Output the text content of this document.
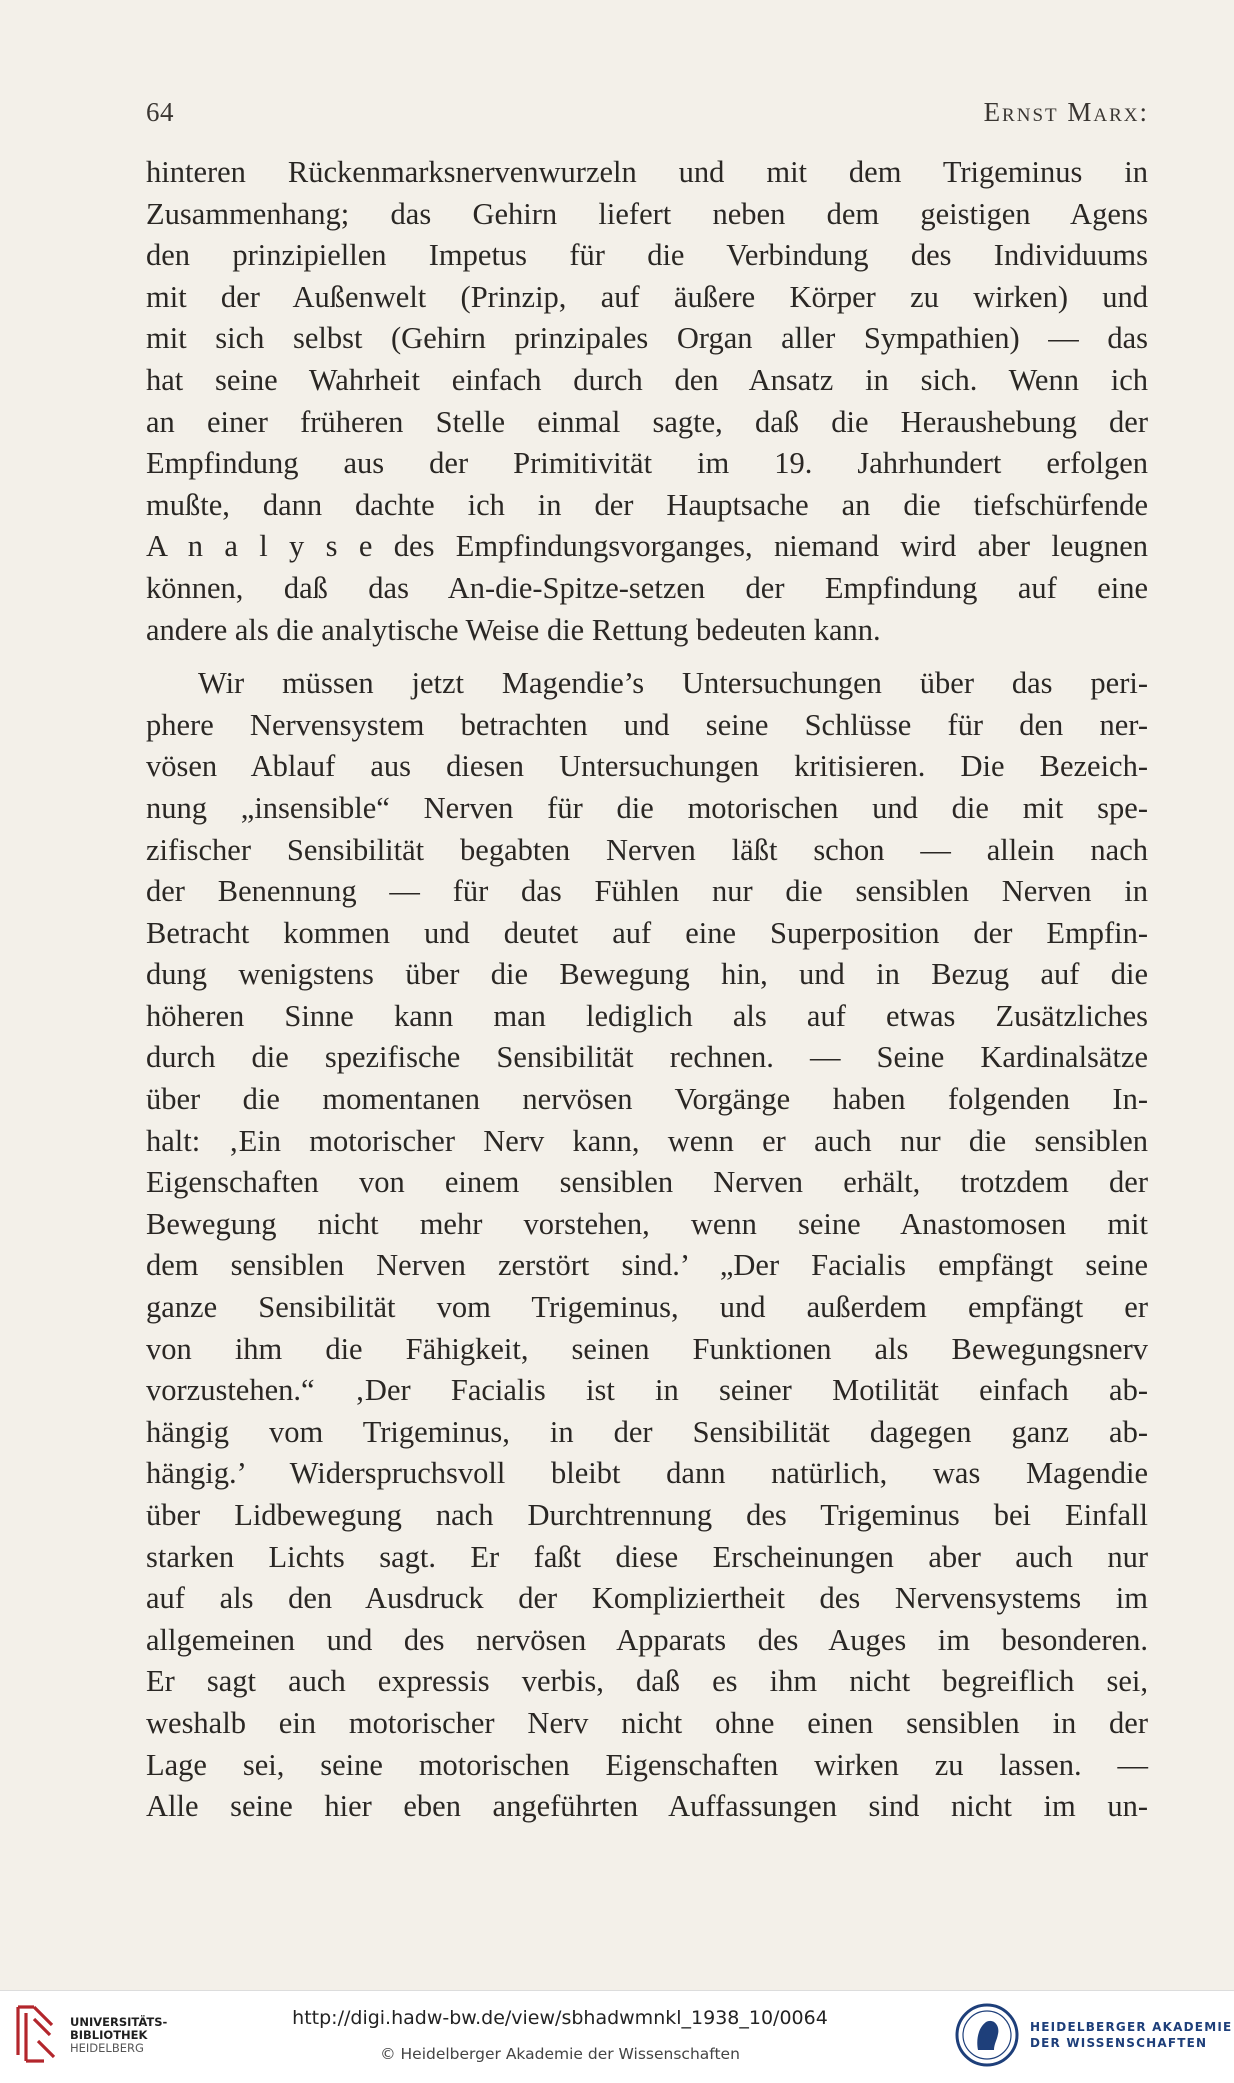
64	Ernst Marx:
hinteren Rückenmarksnervenwurzeln und mit dem Trigeminus in
Zusammenhang; das Gehirn liefert neben dem geistigen Agens
den prinzipiellen Impetus für die Verbindung des Individuums
mit der Außenwelt (Prinzip, auf äußere Körper zu wirken) und
mit sich selbst (Gehirn prinzipales Organ aller Sympathien) — das
hat seine Wahrheit einfach durch den Ansatz in sich. Wenn ich
an einer früheren Stelle einmal sagte, daß die Heraushebung der
Empfindung aus der Primitivität im 19. Jahrhundert erfolgen
mußte, dann dachte ich in der Hauptsache an die tiefschürfende
A n a l y s e des Empfindungsvorganges, niemand wird aber leugnen
können, daß das An-die-Spitze-setzen der Empfindung auf eine
andere als die analytische Weise die Rettung bedeuten kann.
Wir müssen jetzt Magendie’s Untersuchungen über das peri-
phere Nervensystem betrachten und seine Schlüsse für den ner-
vösen Ablauf aus diesen Untersuchungen kritisieren. Die Bezeich-
nung „insensible“ Nerven für die motorischen und die mit spe-
zifischer Sensibilität begabten Nerven läßt schon — allein nach
der Benennung — für das Fühlen nur die sensiblen Nerven in
Betracht kommen und deutet auf eine Superposition der Empfin-
dung wenigstens über die Bewegung hin, und in Bezug auf die
höheren Sinne kann man lediglich als auf etwas Zusätzliches
durch die spezifische Sensibilität rechnen. — Seine Kardinalsätze
über die momentanen nervösen Vorgänge haben folgenden In-
halt: ‚Ein motorischer Nerv kann, wenn er auch nur die sensiblen
Eigenschaften von einem sensiblen Nerven erhält, trotzdem der
Bewegung nicht mehr vorstehen, wenn seine Anastomosen mit
dem sensiblen Nerven zerstört sind.’ „Der Facialis empfängt seine
ganze Sensibilität vom Trigeminus, und außerdem empfängt er
von ihm die Fähigkeit, seinen Funktionen als Bewegungsnerv
vorzustehen.“ ‚Der Facialis ist in seiner Motilität einfach ab-
hängig vom Trigeminus, in der Sensibilität dagegen ganz ab-
hängig.’ Widerspruchsvoll bleibt dann natürlich, was Magendie
über Lidbewegung nach Durchtrennung des Trigeminus bei Einfall
starken Lichts sagt. Er faßt diese Erscheinungen aber auch nur
auf als den Ausdruck der Kompliziertheit des Nervensystems im
allgemeinen und des nervösen Apparats des Auges im besonderen.
Er sagt auch expressis verbis, daß es ihm nicht begreiflich sei,
weshalb ein motorischer Nerv nicht ohne einen sensiblen in der
Lage sei, seine motorischen Eigenschaften wirken zu lassen. —
Alle seine hier eben angeführten Auffassungen sind nicht im un-
UNIVERSITÄTS-
BIBLIOTHEK
HEIDELBERG
http://digi.hadw-bw.de/view/sbhadwmnkl_1938_10/0064
© Heidelberger Akademie der Wissenschaften
HEIDELBERGER AKADEMIE
DER WISSENSCHAFTEN
